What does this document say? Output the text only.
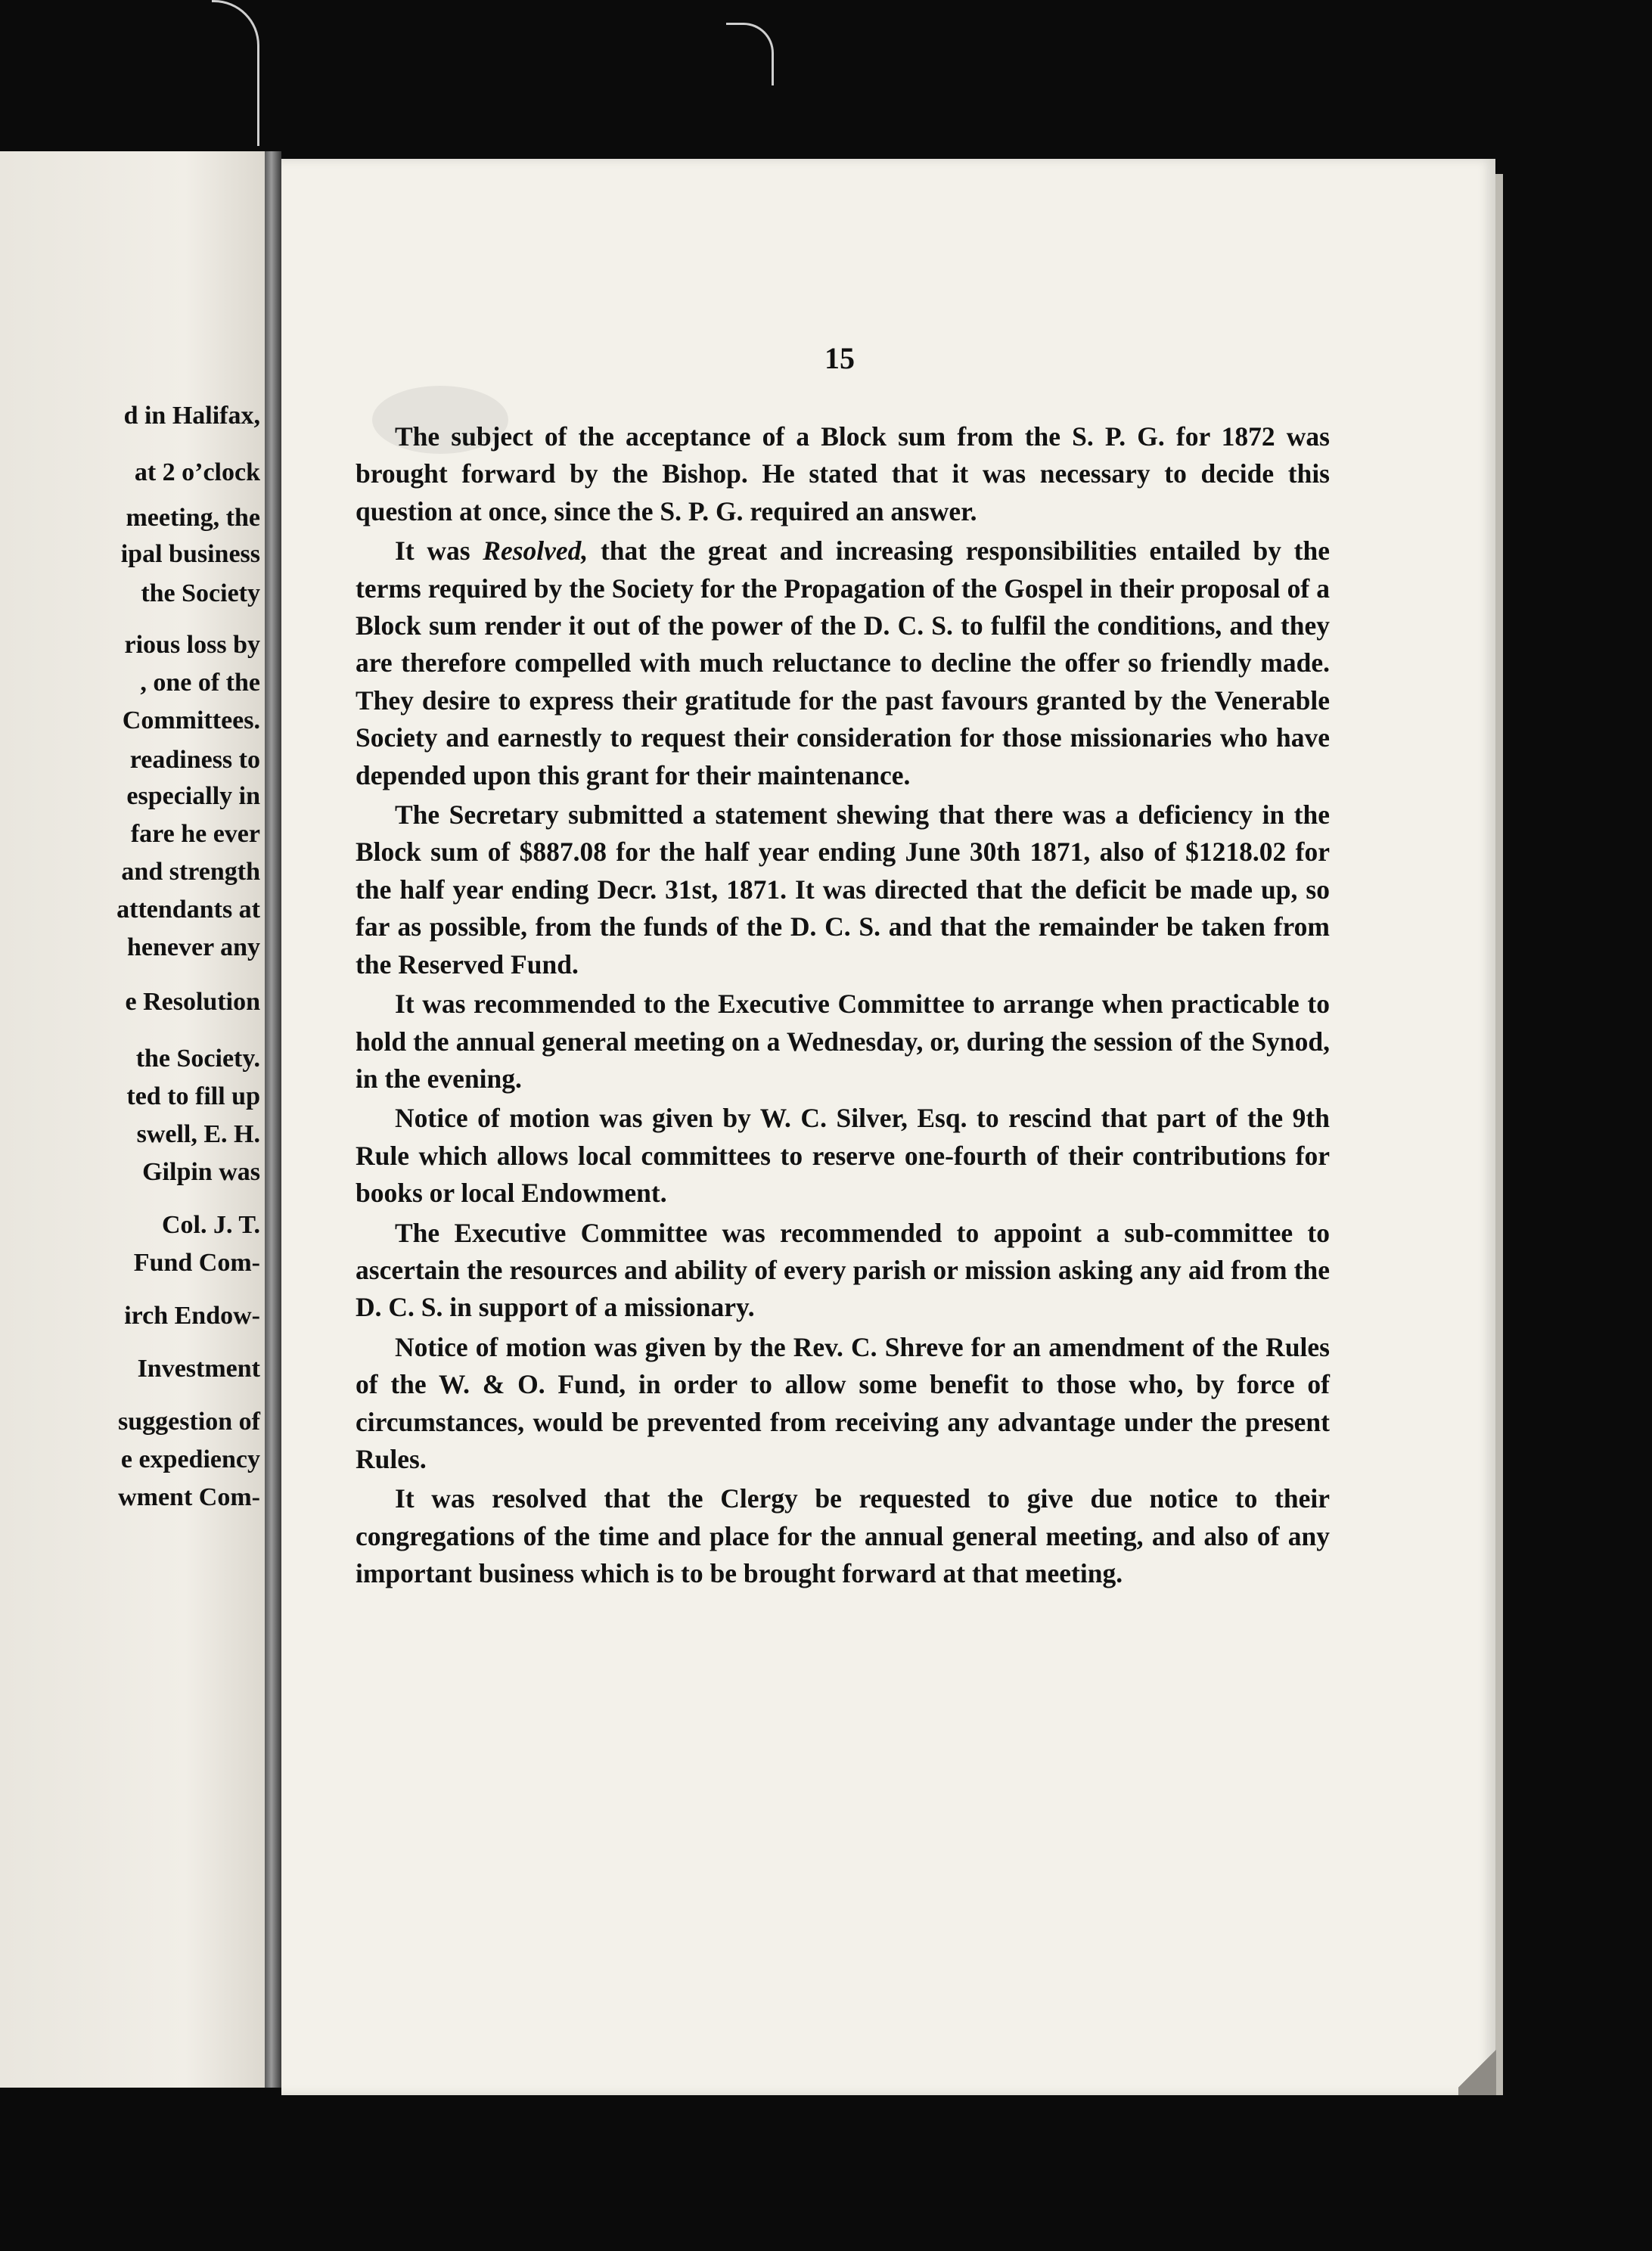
d in Halifax,
at 2 o’clock
meeting, the
ipal business
the Society
rious loss by
, one of the
Committees.
readiness to
especially in
fare he ever
and strength
attendants at
henever any
e Resolution
the Society.
ted to fill up
swell, E. H.
Gilpin was
Col. J. T.
Fund Com-
irch Endow-
Investment
suggestion of
e expediency
wment Com-
15

The subject of the acceptance of a Block sum from the S. P. G. for 1872 was brought forward by the Bishop. He stated that it was necessary to decide this question at once, since the S. P. G. required an answer.

It was Resolved, that the great and increasing responsibilities entailed by the terms required by the Society for the Propagation of the Gospel in their proposal of a Block sum render it out of the power of the D. C. S. to fulfil the conditions, and they are therefore compelled with much reluctance to decline the offer so friendly made. They desire to express their gratitude for the past favours granted by the Venerable Society and earnestly to request their consideration for those missionaries who have depended upon this grant for their maintenance.

The Secretary submitted a statement shewing that there was a deficiency in the Block sum of $887.08 for the half year ending June 30th 1871, also of $1218.02 for the half year ending Decr. 31st, 1871. It was directed that the deficit be made up, so far as possible, from the funds of the D. C. S. and that the remainder be taken from the Reserved Fund.

It was recommended to the Executive Committee to arrange when practicable to hold the annual general meeting on a Wednesday, or, during the session of the Synod, in the evening.

Notice of motion was given by W. C. Silver, Esq. to rescind that part of the 9th Rule which allows local committees to reserve one-fourth of their contributions for books or local Endowment.

The Executive Committee was recommended to appoint a sub-committee to ascertain the resources and ability of every parish or mission asking any aid from the D. C. S. in support of a missionary.

Notice of motion was given by the Rev. C. Shreve for an amendment of the Rules of the W. & O. Fund, in order to allow some benefit to those who, by force of circumstances, would be prevented from receiving any advantage under the present Rules.

It was resolved that the Clergy be requested to give due notice to their congregations of the time and place for the annual general meeting, and also of any important business which is to be brought forward at that meeting.
